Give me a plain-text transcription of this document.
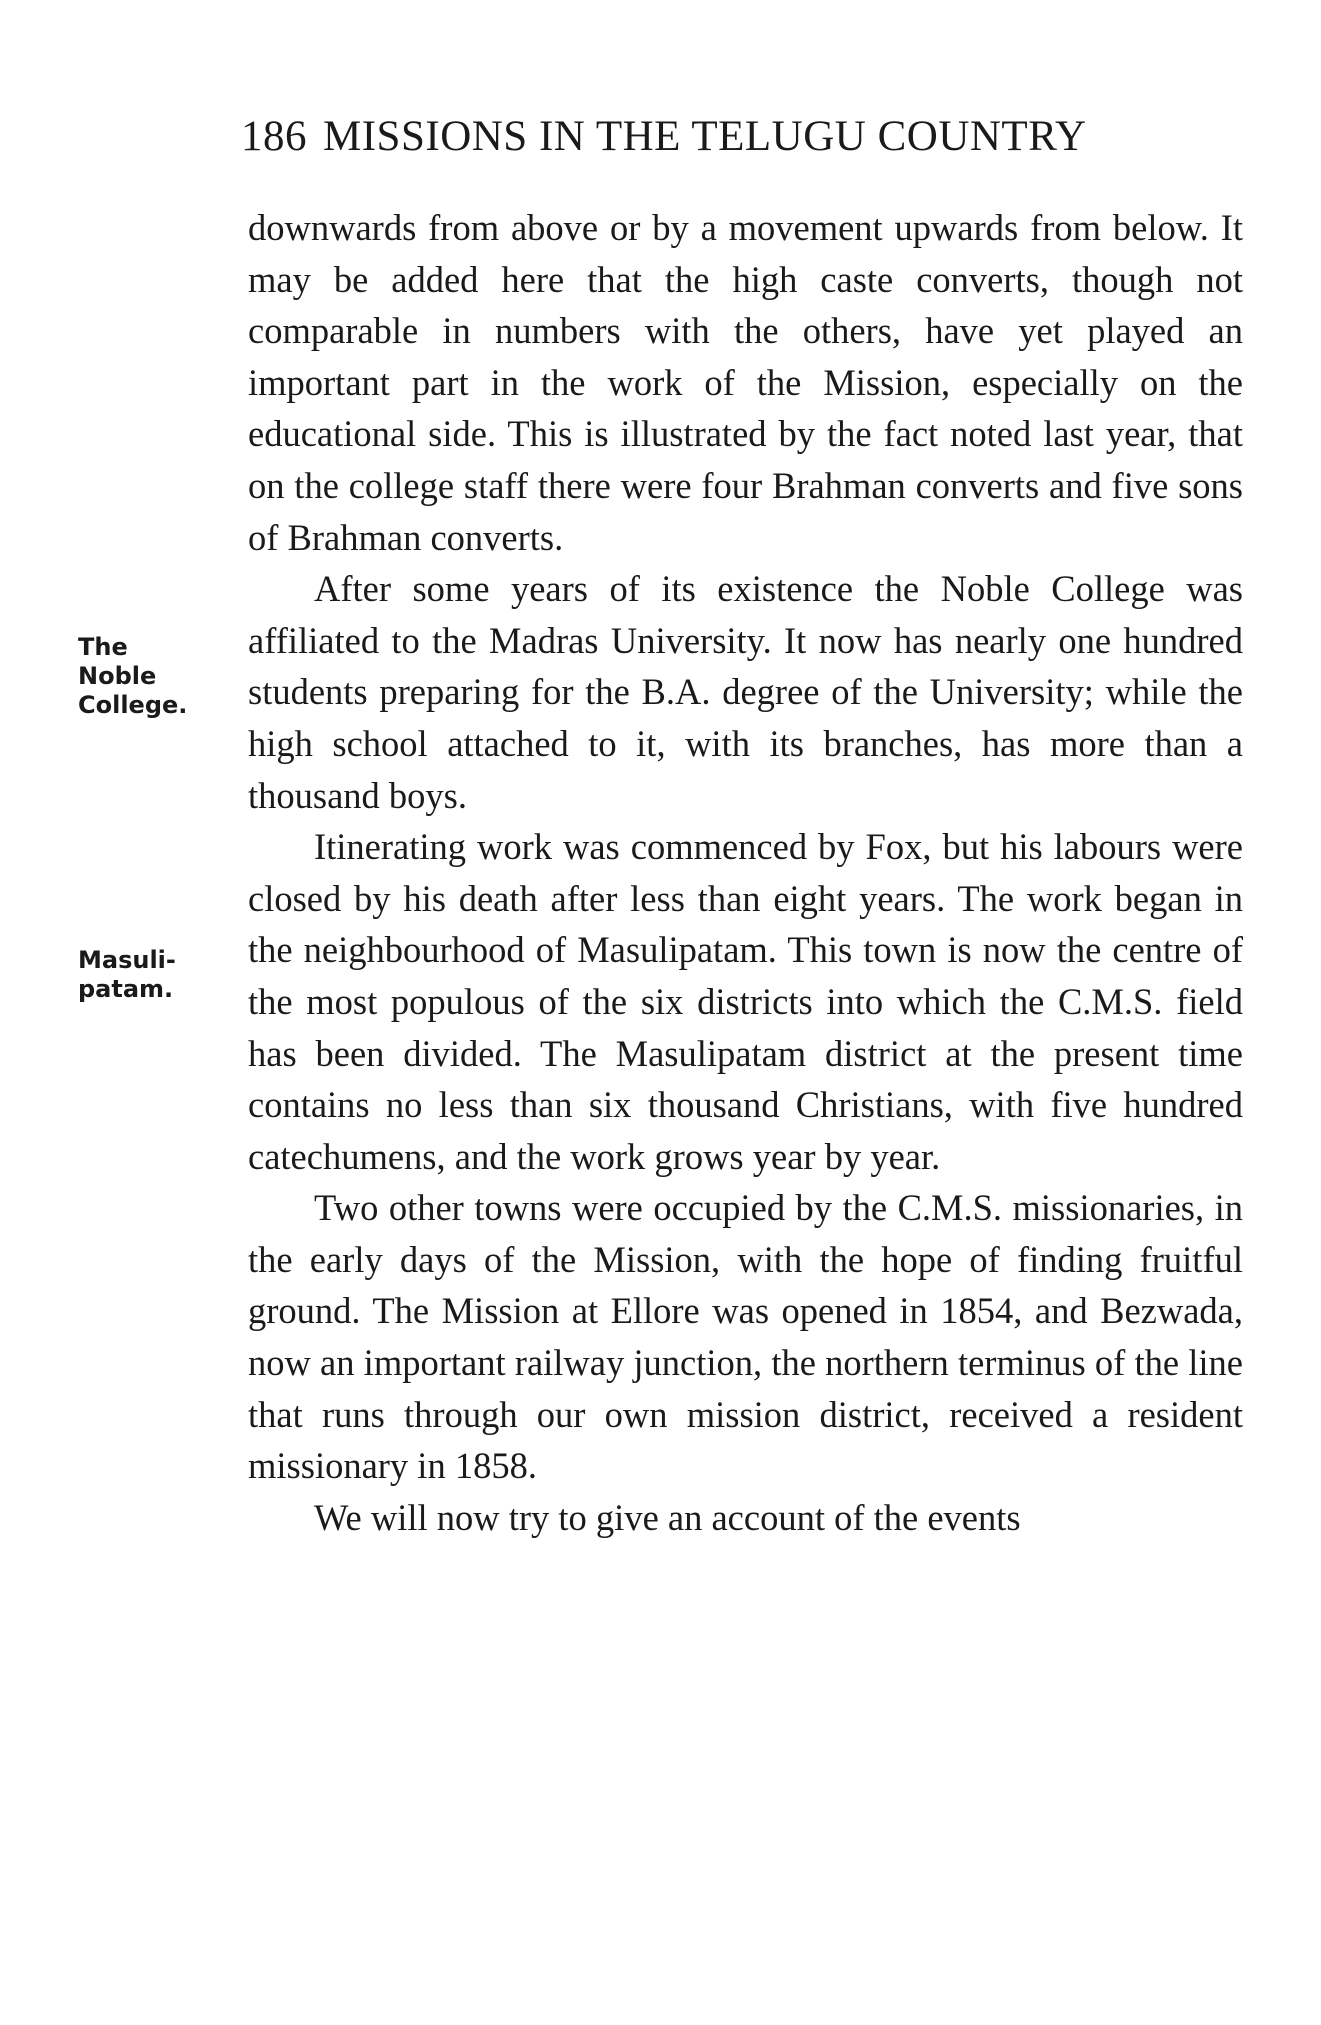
186 MISSIONS IN THE TELUGU COUNTRY
The
Noble
College.
Masuli-
patam.

downwards from above or by a movement upwards from below. It may be added here that the high caste converts, though not comparable in numbers with the others, have yet played an important part in the work of the Mission, especially on the educational side. This is illustrated by the fact noted last year, that on the college staff there were four Brahman converts and five sons of Brahman converts.

After some years of its existence the Noble College was affiliated to the Madras University. It now has nearly one hundred students preparing for the B.A. degree of the University; while the high school attached to it, with its branches, has more than a thousand boys.

Itinerating work was commenced by Fox, but his labours were closed by his death after less than eight years. The work began in the neighbourhood of Masulipatam. This town is now the centre of the most populous of the six districts into which the C.M.S. field has been divided. The Masulipatam district at the present time contains no less than six thousand Christians, with five hundred catechumens, and the work grows year by year.

Two other towns were occupied by the C.M.S. missionaries, in the early days of the Mission, with the hope of finding fruitful ground. The Mission at Ellore was opened in 1854, and Bezwada, now an important railway junction, the northern terminus of the line that runs through our own mission district, received a resident missionary in 1858.

We will now try to give an account of the events
